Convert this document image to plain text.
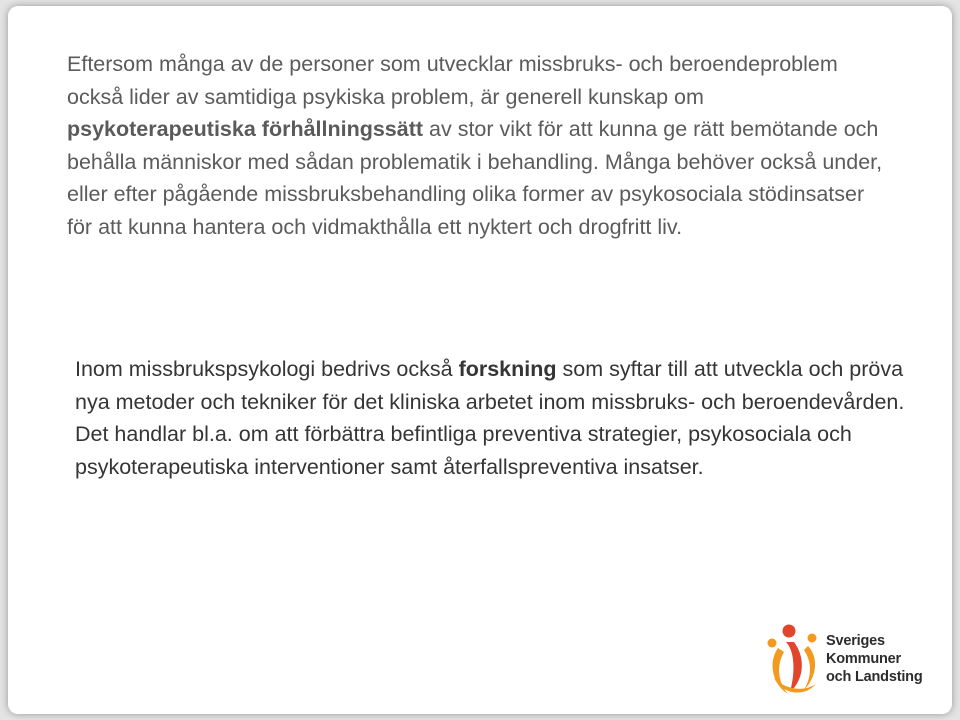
Eftersom många av de personer som utvecklar missbruks- och beroendeproblem också lider av samtidiga psykiska problem, är generell kunskap om psykoterapeutiska förhållningssätt av stor vikt för att kunna ge rätt bemötande och behålla människor med sådan problematik i behandling. Många behöver också under, eller efter pågående missbruksbehandling olika former av psykosociala stödinsatser för att kunna hantera och vidmakthålla ett nyktert och drogfritt liv.

Inom missbrukspsykologi bedrivs också forskning som syftar till att utveckla och pröva nya metoder och tekniker för det kliniska arbetet inom missbruks- och beroendevården. Det handlar bl.a. om att förbättra befintliga preventiva strategier, psykosociala och psykoterapeutiska interventioner samt återfallspreventiva insatser.

Sveriges
Kommuner
och Landsting
